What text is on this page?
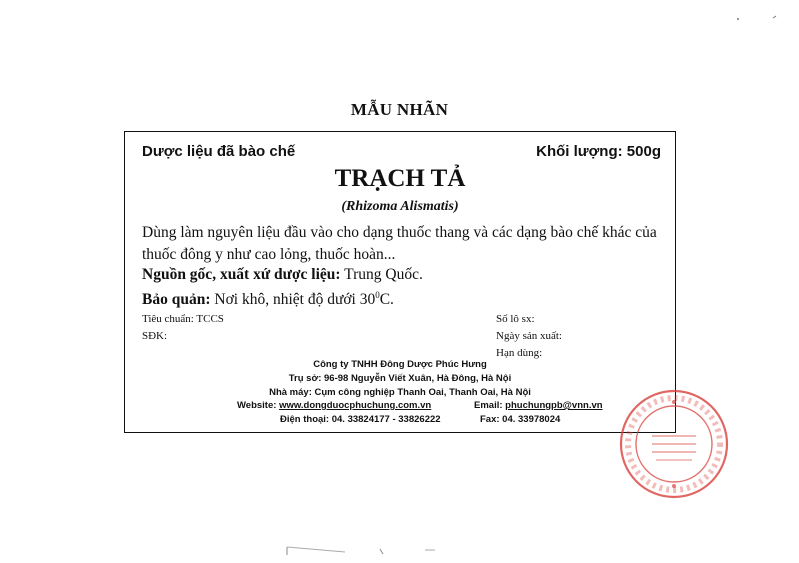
MẪU NHÃN
Dược liệu đã bào chế	Khối lượng: 500g
TRẠCH TẢ
(Rhizoma Alismatis)
Dùng làm nguyên liệu đầu vào cho dạng thuốc thang và các dạng bào chế khác của thuốc đông y như cao lỏng, thuốc hoàn...
Nguồn gốc, xuất xứ dược liệu: Trung Quốc.
Bảo quản: Nơi khô, nhiệt độ dưới $30^0C$.
Tiêu chuẩn: TCCS
SĐK:
Số lô sx:
Ngày sản xuất:
Hạn dùng:
Công ty TNHH Đông Dược Phúc Hưng
Trụ sở: 96-98 Nguyễn Viết Xuân, Hà Đông, Hà Nội
Nhà máy: Cụm công nghiệp Thanh Oai, Thanh Oai, Hà Nội
Website: www.dongduocphuchung.com.vn	Email: phuchungpb@vnn.vn
Điện thoại: 04. 33824177 - 33826222	Fax: 04. 33978024
